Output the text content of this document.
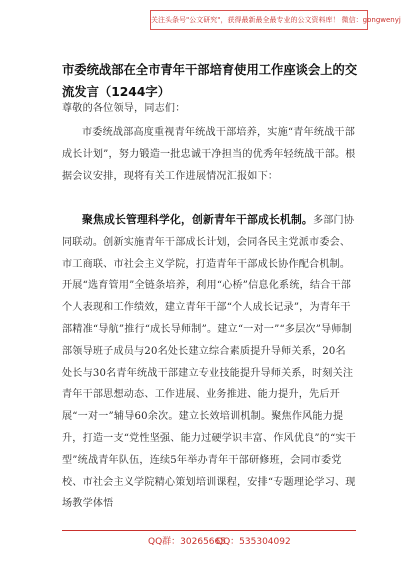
关注头条号"公文研究"，获得最新最全最专业的公文资料库！ 微信：gongwenyj
市委统战部在全市青年干部培育使用工作座谈会上的交流发言（1244字）
尊敬的各位领导，同志们：
市委统战部高度重视青年统战干部培养，实施“青年统战干部成长计划”，努力锻造一批忠诚干净担当的优秀年轻统战干部。根据会议安排，现将有关工作进展情况汇报如下：
聚焦成长管理科学化，创新青年干部成长机制。多部门协同联动。创新实施青年干部成长计划，会同各民主党派市委会、市工商联、市社会主义学院，打造青年干部成长协作配合机制。开展“选育管用”全链条培养，利用“心桥”信息化系统，结合干部个人表现和工作绩效，建立青年干部“个人成长记录”，为青年干部精准“导航”推行“成长导师制”。建立“一对一”“多层次”导师制部领导班子成员与20名处长建立综合素质提升导师关系，20名处长与30名青年统战干部建立专业技能提升导师关系，时刻关注青年干部思想动态、工作进展、业务推进、能力提升，先后开展“一对一”辅导60余次。建立长效培训机制。聚焦作风能力提升，打造一支“党性坚强、能力过硬学识丰富、作风优良”的“实干型”统战青年队伍，连续5年举办青年干部研修班，会同市委党校、市社会主义学院精心策划培训课程，安排“专题理论学习、现场教学体悟
QQ群：30265665
QQ：535304092
